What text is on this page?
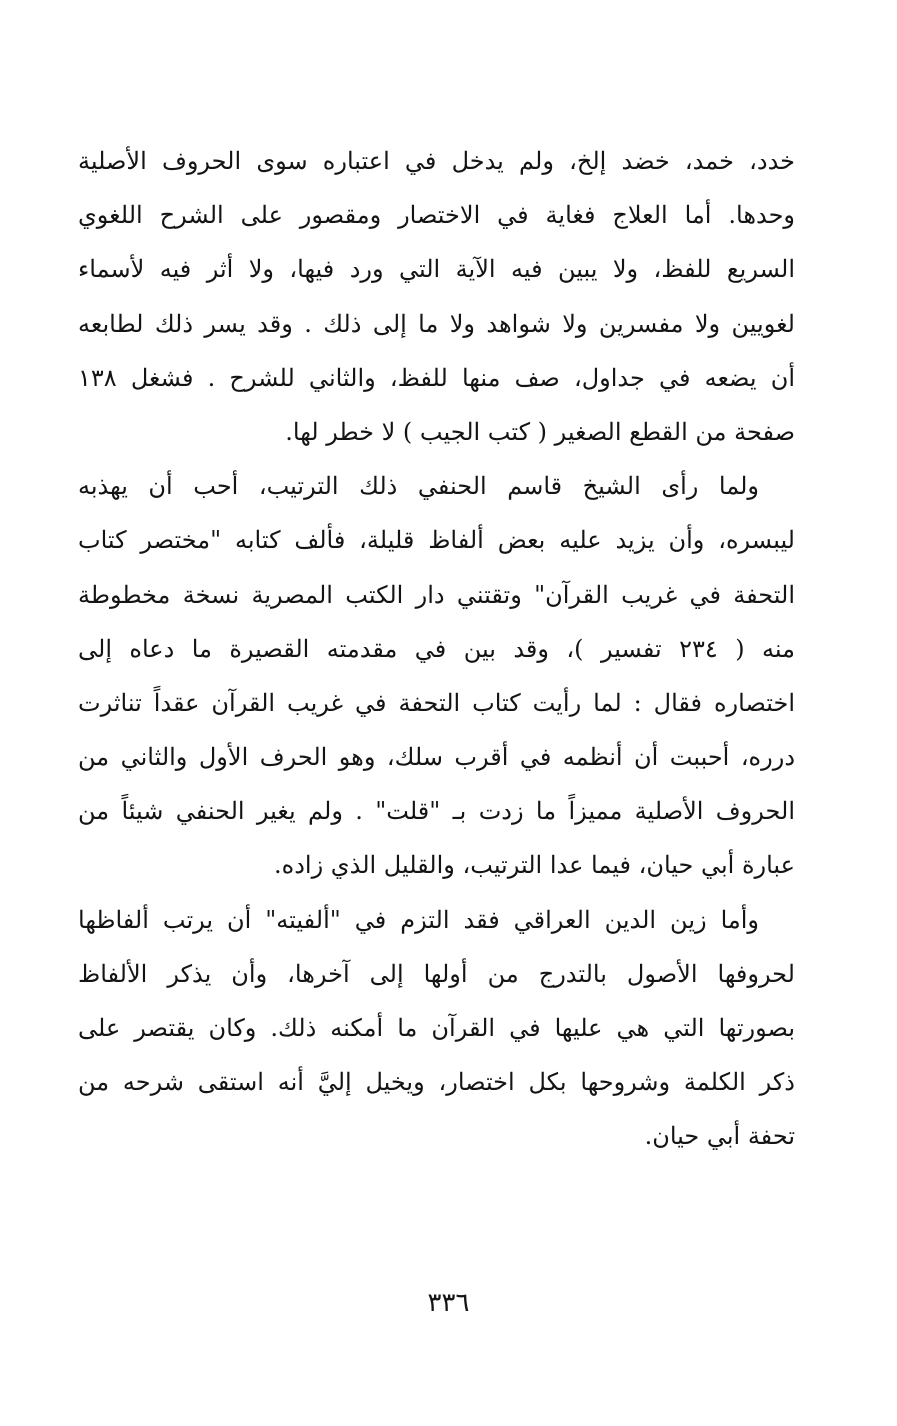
خدد، خمد، خضد إلخ، ولم يدخل في اعتباره سوى الحروف الأصلية
وحدها. أما العلاج فغاية في الاختصار ومقصور على الشرح اللغوي
السريع للفظ، ولا يبين فيه الآية التي ورد فيها، ولا أثر فيه لأسماء
لغويين ولا مفسرين ولا شواهد ولا ما إلى ذلك . وقد يسر ذلك لطابعه
أن يضعه في جداول، صف منها للفظ، والثاني للشرح . فشغل ١٣٨
صفحة من القطع الصغير ( كتب الجيب ) لا خطر لها.
ولما رأى الشيخ قاسم الحنفي ذلك الترتيب، أحب أن يهذبه
ليبسره، وأن يزيد عليه بعض ألفاظ قليلة، فألف كتابه "مختصر كتاب
التحفة في غريب القرآن" وتقتني دار الكتب المصرية نسخة مخطوطة
منه ( ٢٣٤ تفسير )، وقد بين في مقدمته القصيرة ما دعاه إلى
اختصاره فقال : لما رأيت كتاب التحفة في غريب القرآن عقداً تناثرت
درره، أحببت أن أنظمه في أقرب سلك، وهو الحرف الأول والثاني من
الحروف الأصلية مميزاً ما زدت بـ "قلت" . ولم يغير الحنفي شيئاً من
عبارة أبي حيان، فيما عدا الترتيب، والقليل الذي زاده.
وأما زين الدين العراقي فقد التزم في "ألفيته" أن يرتب ألفاظها
لحروفها الأصول بالتدرج من أولها إلى آخرها، وأن يذكر الألفاظ
بصورتها التي هي عليها في القرآن ما أمكنه ذلك. وكان يقتصر على
ذكر الكلمة وشروحها بكل اختصار، ويخيل إليَّ أنه استقى شرحه من
تحفة أبي حيان.
٣٣٦
